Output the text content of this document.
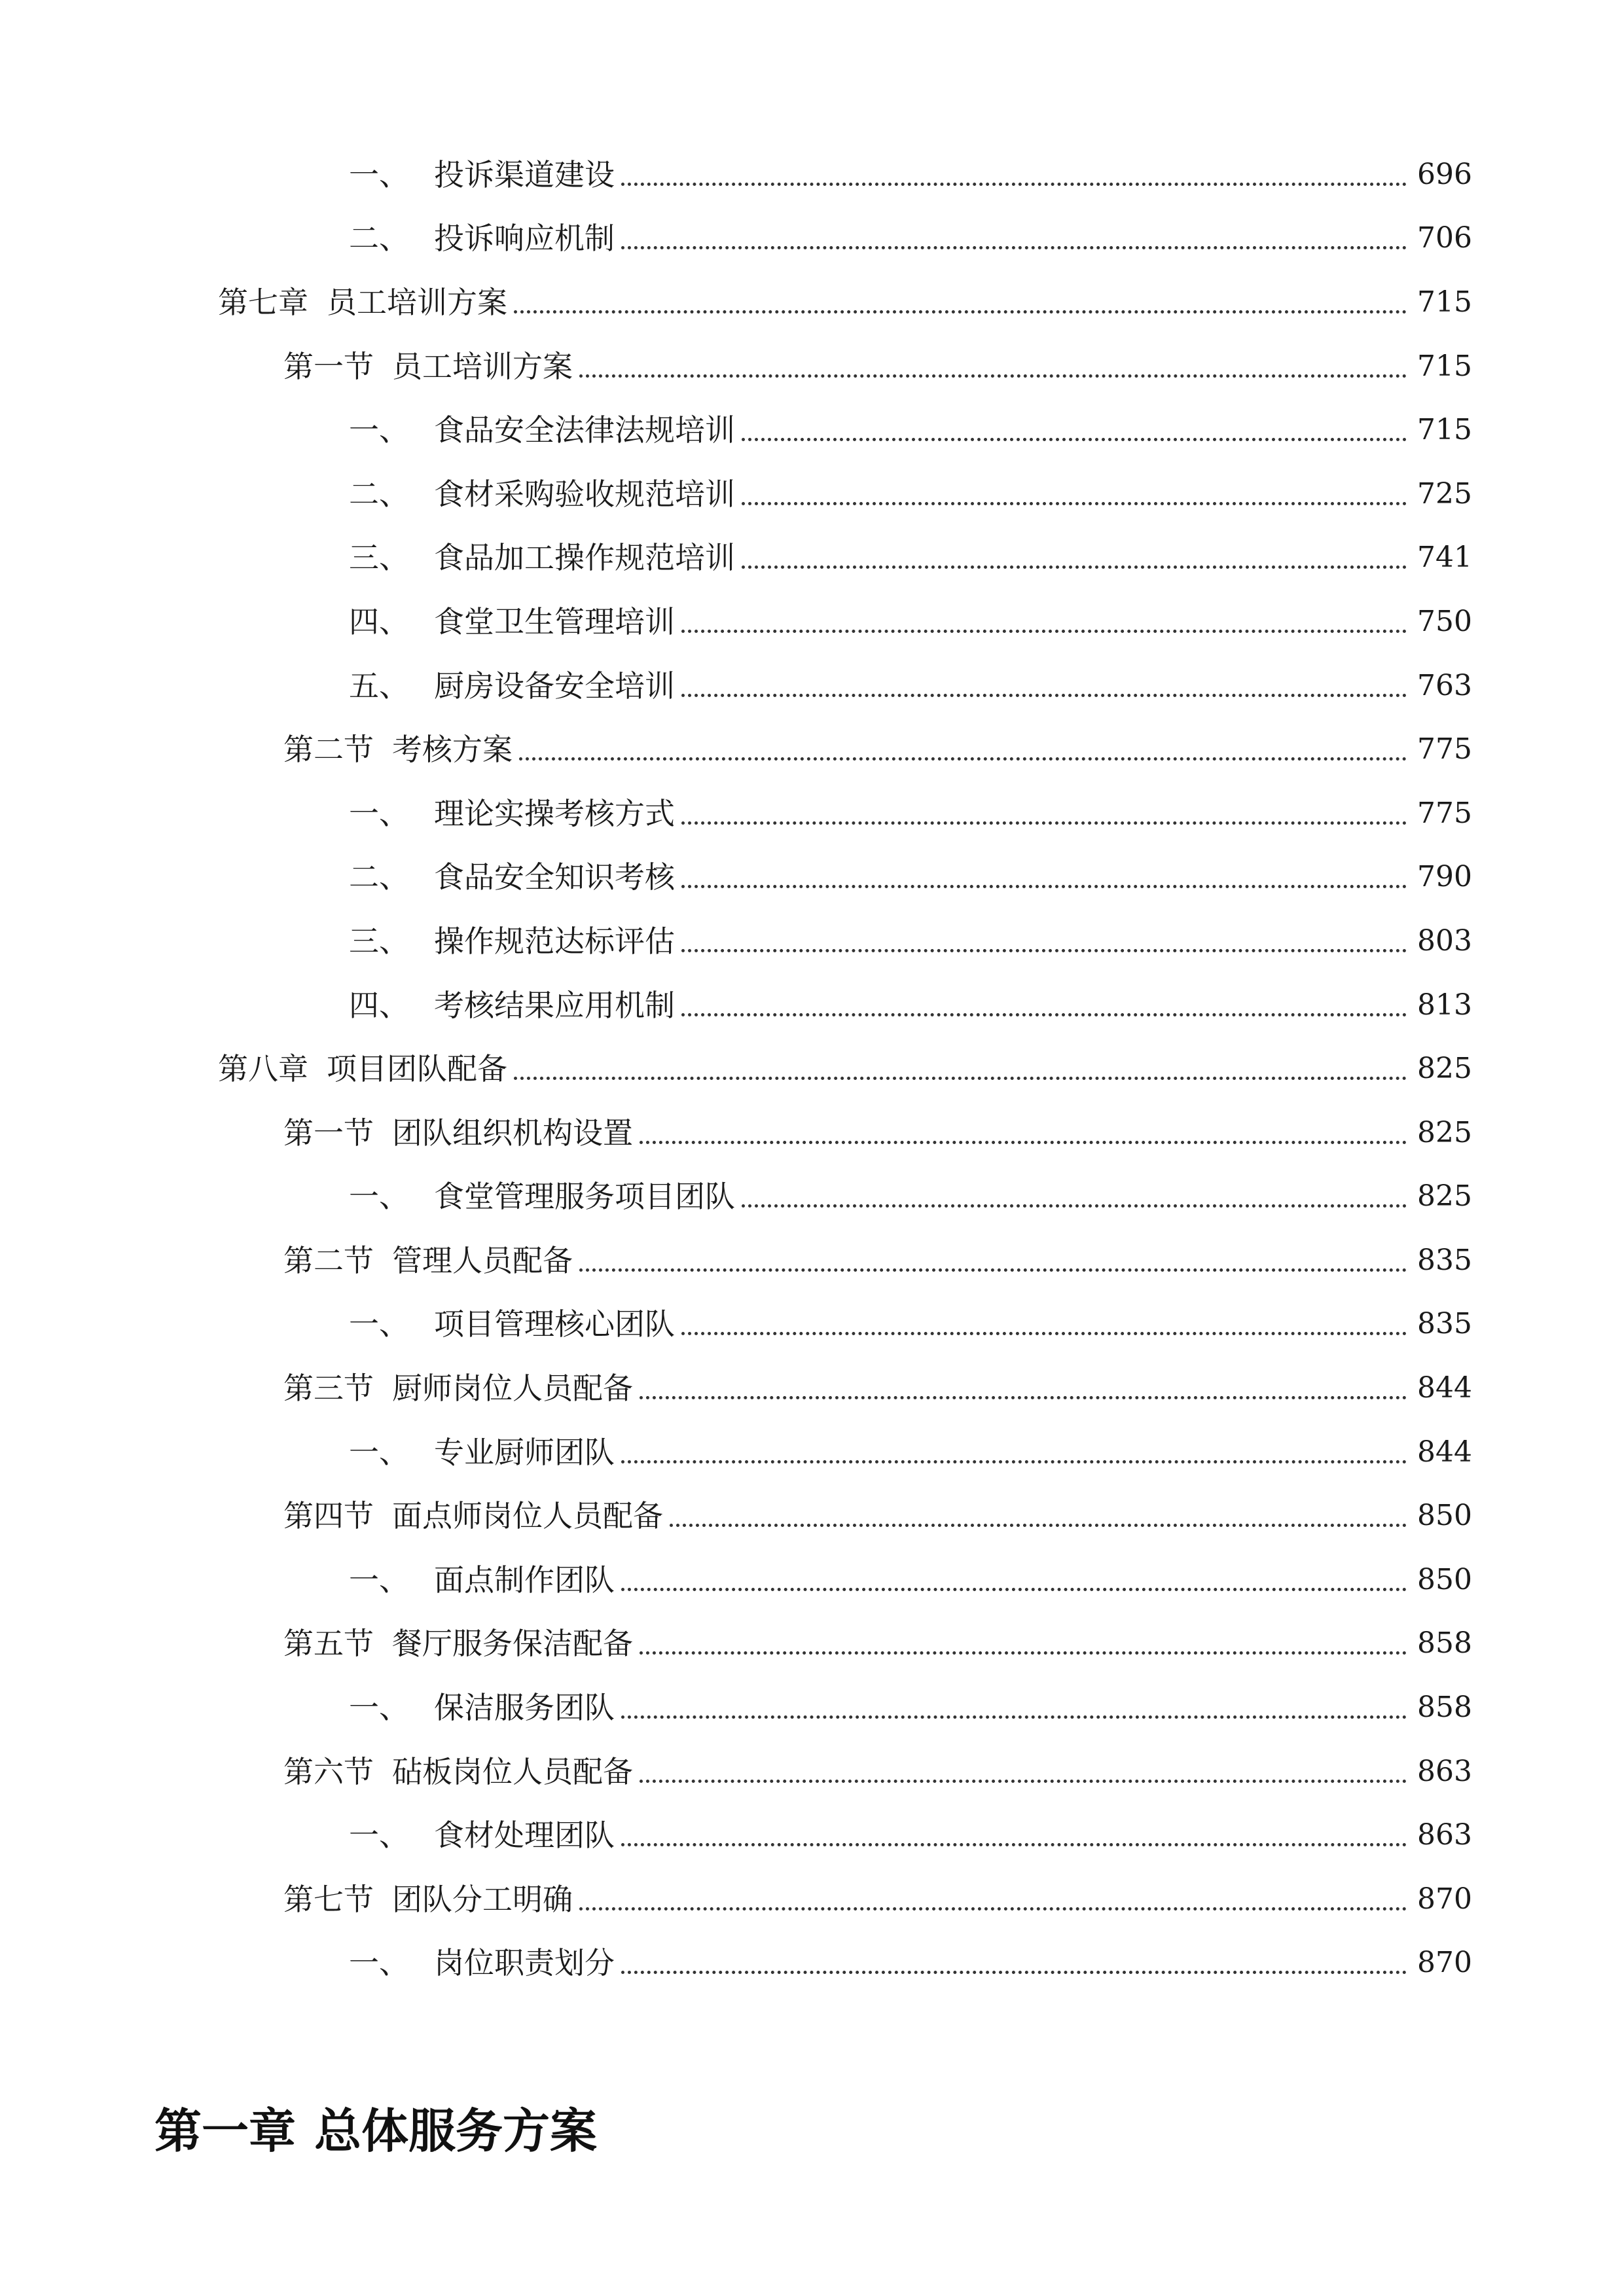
一、 投诉渠道建设	696
二、 投诉响应机制	706
第七章 员工培训方案	715
第一节 员工培训方案	715
一、 食品安全法律法规培训	715
二、 食材采购验收规范培训	725
三、 食品加工操作规范培训	741
四、 食堂卫生管理培训	750
五、 厨房设备安全培训	763
第二节 考核方案	775
一、 理论实操考核方式	775
二、 食品安全知识考核	790
三、 操作规范达标评估	803
四、 考核结果应用机制	813
第八章 项目团队配备	825
第一节 团队组织机构设置	825
一、 食堂管理服务项目团队	825
第二节 管理人员配备	835
一、 项目管理核心团队	835
第三节 厨师岗位人员配备	844
一、 专业厨师团队	844
第四节 面点师岗位人员配备	850
一、 面点制作团队	850
第五节 餐厅服务保洁配备	858
一、 保洁服务团队	858
第六节 砧板岗位人员配备	863
一、 食材处理团队	863
第七节 团队分工明确	870
一、 岗位职责划分	870
第一章 总体服务方案
